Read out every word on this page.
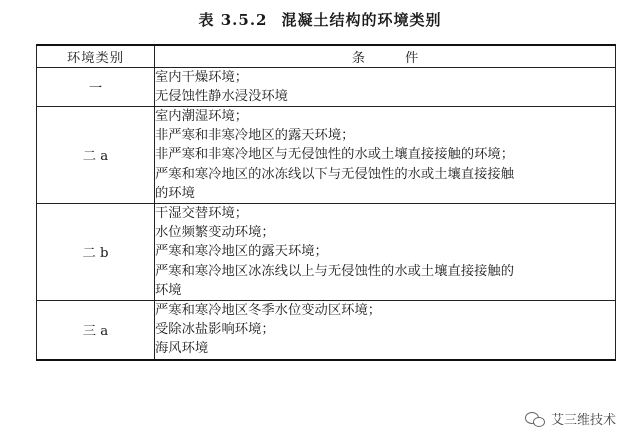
表 3.5.2 混凝土结构的环境类别
环境类别	条 件
一	室内干燥环境；
无侵蚀性静水浸没环境

二 a	室内潮湿环境；
非严寒和非寒冷地区的露天环境；
非严寒和非寒冷地区与无侵蚀性的水或土壤直接接触的环境；
严寒和寒冷地区的冰冻线以下与无侵蚀性的水或土壤直接接触
的环境

二 b	干湿交替环境；
水位频繁变动环境；
严寒和寒冷地区的露天环境；
严寒和寒冷地区冰冻线以上与无侵蚀性的水或土壤直接接触的
环境

三 a	严寒和寒冷地区冬季水位变动区环境；
受除冰盐影响环境；
海风环境
艾三维技术
